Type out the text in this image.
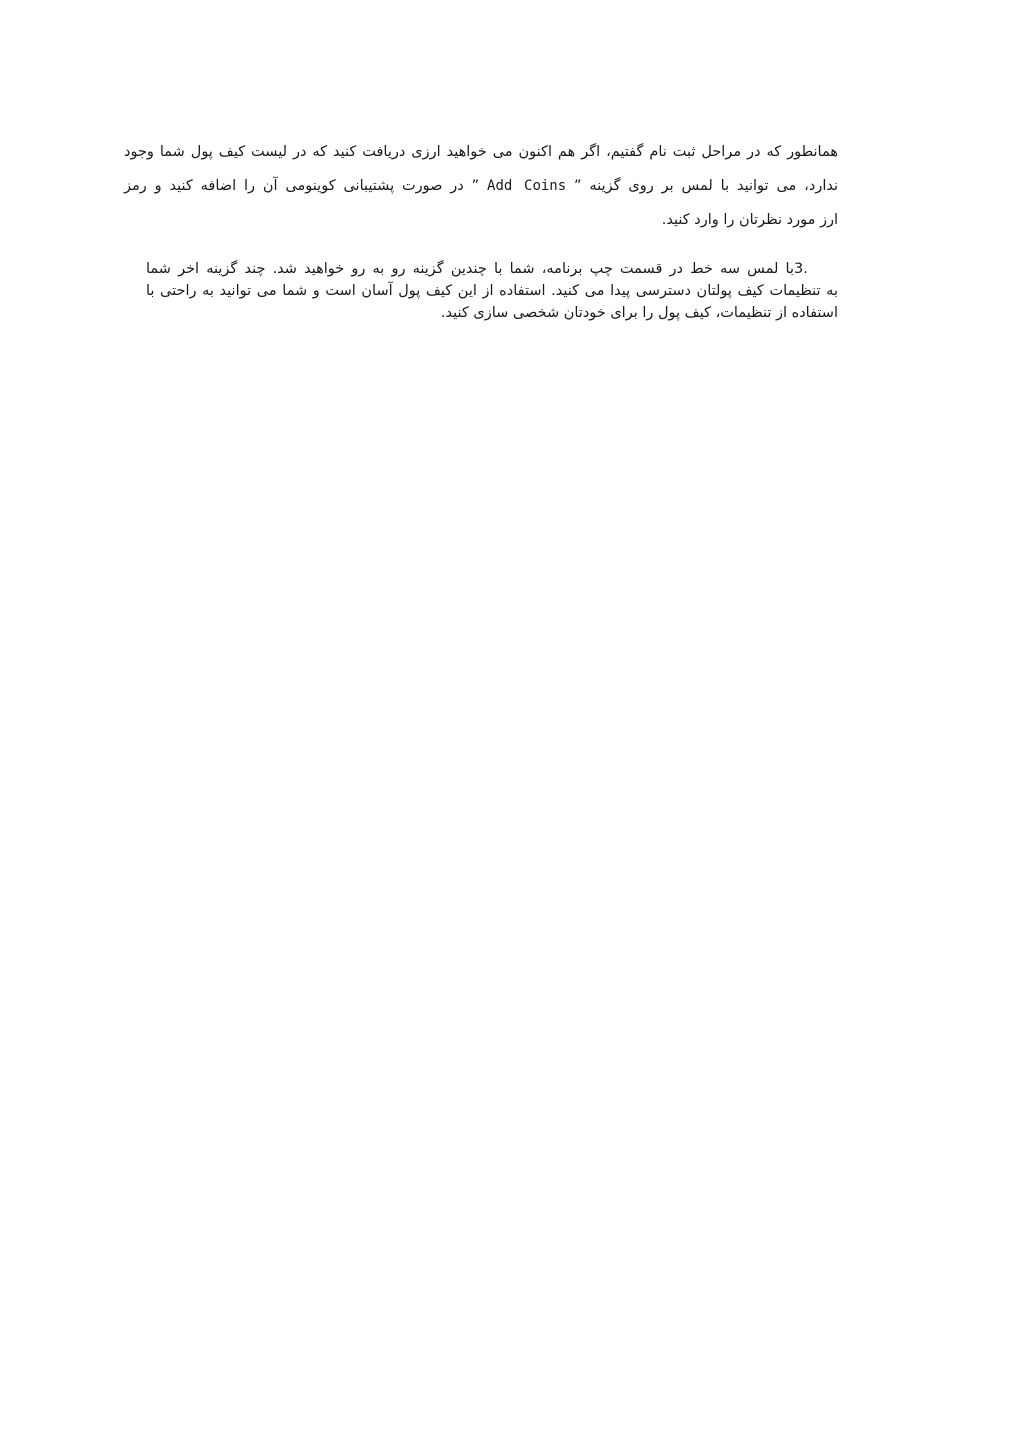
همانطور که در مراحل ثبت نام گفتیم، اگر هم اکنون می خواهید ارزی دریافت کنید که در لیست کیف پول شما وجود
ندارد، می توانید با لمس بر روی گزینه ” Add Coins ” در صورت پشتیبانی کوینومی آن را اضافه کنید و رمز
ارز مورد نظرتان را وارد کنید.
3.با لمس سه خط در قسمت چپ برنامه، شما با چندین گزینه رو به رو خواهید شد. چند گزینه اخر شما
به تنظیمات کیف پولتان دسترسی پیدا می کنید. استفاده از این کیف پول آسان است و شما می توانید به راحتی با
استفاده از تنظیمات، کیف پول را برای خودتان شخصی سازی کنید.
